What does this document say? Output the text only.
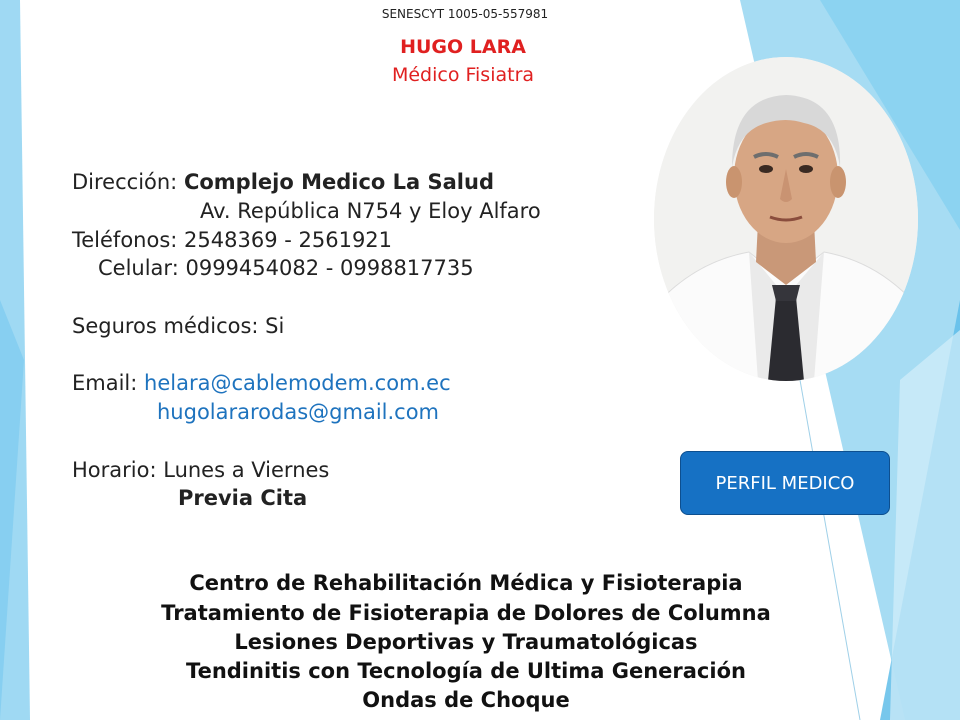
SENESCYT 1005-05-557981
HUGO LARA
Médico Fisiatra
Dirección: Complejo Medico La Salud
Av. República N754 y Eloy Alfaro
Teléfonos: 2548369 - 2561921
Celular: 0999454082 - 0998817735
Seguros médicos: Si
Email: helara@cablemodem.com.ec
hugolararodas@gmail.com
Horario: Lunes a Viernes
Previa Cita
PERFIL MEDICO
Centro de Rehabilitación Médica y Fisioterapia
Tratamiento de Fisioterapia de Dolores de Columna
Lesiones Deportivas y Traumatológicas
Tendinitis con Tecnología de Ultima Generación
Ondas de Choque
